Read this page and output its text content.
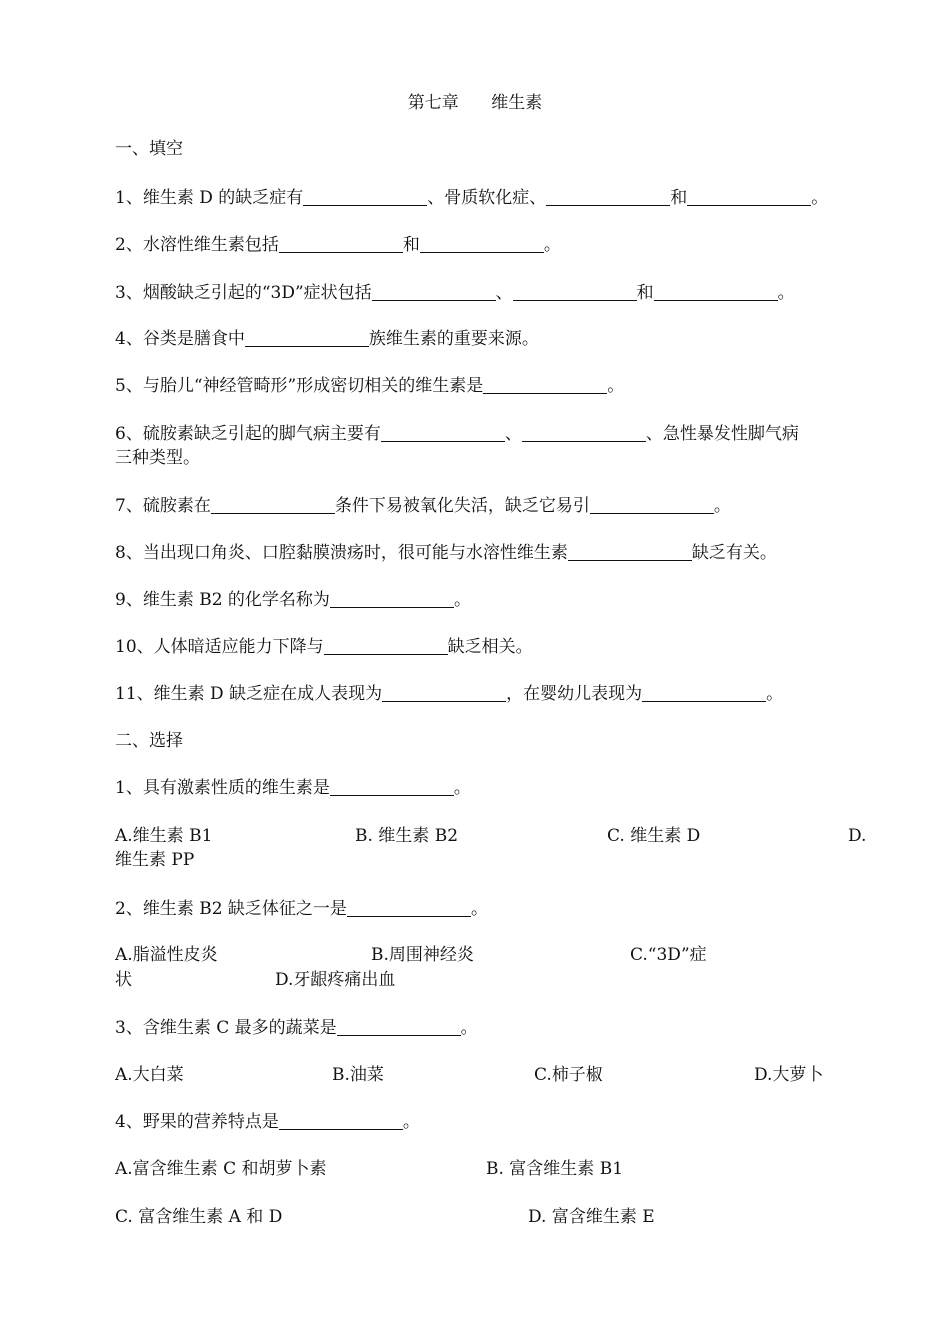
第七章      维生素
一、填空
1、维生素 D 的缺乏症有	、骨质软化症、	和	。
2、水溶性维生素包括	和	。
3、烟酸缺乏引起的“3D”症状包括	、	和	。
4、谷类是膳食中	族维生素的重要来源。
5、与胎儿“神经管畸形”形成密切相关的维生素是	。
6、硫胺素缺乏引起的脚气病主要有	、	、急性暴发性脚气病
三种类型。
7、硫胺素在	条件下易被氧化失活，缺乏它易引	。
8、当出现口角炎、口腔黏膜溃疡时，很可能与水溶性维生素	缺乏有关。
9、维生素 B2 的化学名称为	。
10、人体暗适应能力下降与	缺乏相关。
11、维生素 D 缺乏症在成人表现为	，在婴幼儿表现为	。
二、选择
1、具有激素性质的维生素是	。
A.维生素 B1	B. 维生素 B2	C. 维生素 D	D.
维生素 PP
2、维生素 B2 缺乏体征之一是	。
A.脂溢性皮炎	B.周围神经炎	C.“3D”症
状	D.牙龈疼痛出血
3、含维生素 C 最多的蔬菜是	。
A.大白菜	B.油菜	C.柿子椒	D.大萝卜
4、野果的营养特点是	。
A.富含维生素 C 和胡萝卜素	B. 富含维生素 B1
C. 富含维生素 A 和 D	D. 富含维生素 E
